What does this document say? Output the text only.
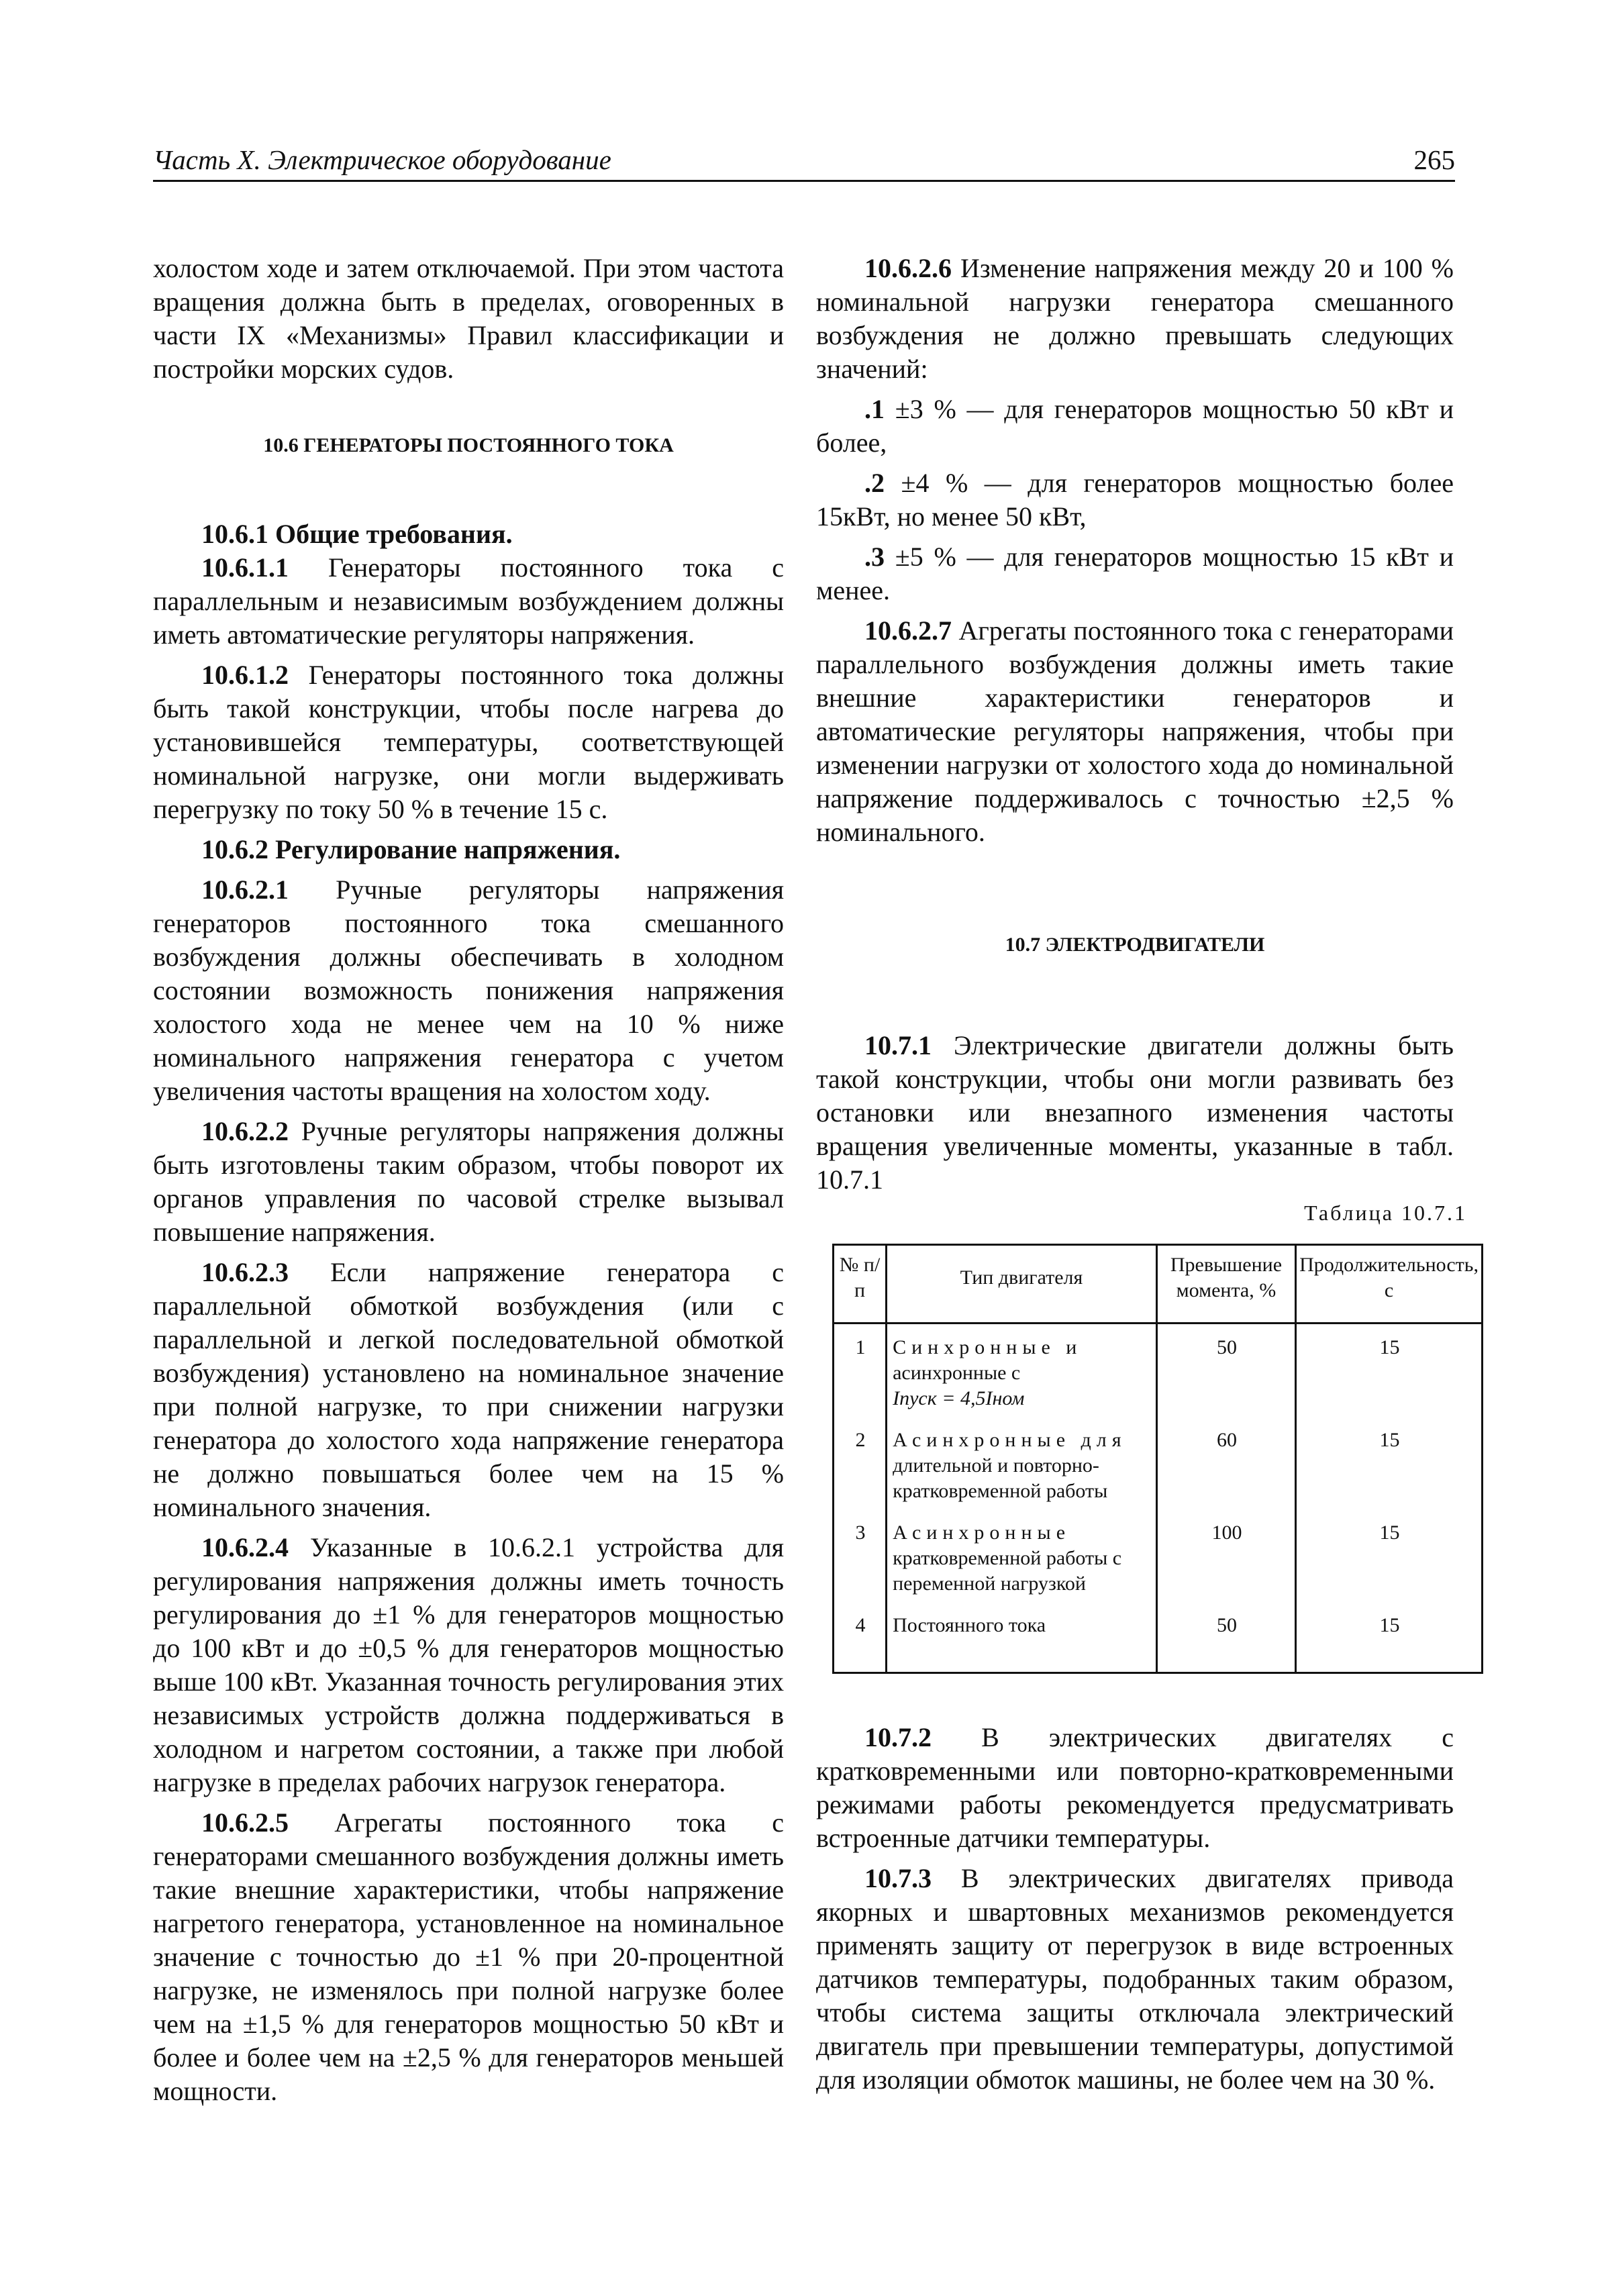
Часть X. Электрическое оборудование	265

холостом ходе и затем отключаемой. При этом частота вращения должна быть в пределах, оговоренных в части IX «Механизмы» Правил классификации и постройки морских судов.

10.6 ГЕНЕРАТОРЫ ПОСТОЯННОГО ТОКА

10.6.1 Общие требования.

10.6.1.1 Генераторы постоянного тока с параллельным и независимым возбуждением должны иметь автоматические регуляторы напряжения.

10.6.1.2 Генераторы постоянного тока должны быть такой конструкции, чтобы после нагрева до установившейся температуры, соответствующей номинальной нагрузке, они могли выдерживать перегрузку по току 50 % в течение 15 с.

10.6.2 Регулирование напряжения.

10.6.2.1 Ручные регуляторы напряжения генераторов постоянного тока смешанного возбуждения должны обеспечивать в холодном состоянии возможность понижения напряжения холостого хода не менее чем на 10 % ниже номинального напряжения генератора с учетом увеличения частоты вращения на холостом ходу.

10.6.2.2 Ручные регуляторы напряжения должны быть изготовлены таким образом, чтобы поворот их органов управления по часовой стрелке вызывал повышение напряжения.

10.6.2.3 Если напряжение генератора с параллельной обмоткой возбуждения (или с параллельной и легкой последовательной обмоткой возбуждения) установлено на номинальное значение при полной нагрузке, то при снижении нагрузки генератора до холостого хода напряжение генератора не должно повышаться более чем на 15 % номинального значения.

10.6.2.4 Указанные в 10.6.2.1 устройства для регулирования напряжения должны иметь точность регулирования до ±1 % для генераторов мощностью до 100 кВт и до ±0,5 % для генераторов мощностью выше 100 кВт. Указанная точность регулирования этих независимых устройств должна поддерживаться в холодном и нагретом состоянии, а также при любой нагрузке в пределах рабочих нагрузок генератора.

10.6.2.5 Агрегаты постоянного тока с генераторами смешанного возбуждения должны иметь такие внешние характеристики, чтобы напряжение нагретого генератора, установленное на номинальное значение с точностью до ±1 % при 20-процентной нагрузке, не изменялось при полной нагрузке более чем на ±1,5 % для генераторов мощностью 50 кВт и более и более чем на ±2,5 % для генераторов меньшей мощности.

10.6.2.6 Изменение напряжения между 20 и 100 % номинальной нагрузки генератора смешанного возбуждения не должно превышать следующих значений:

.1 ±3 % — для генераторов мощностью 50 кВт и более,

.2 ±4 % — для генераторов мощностью более 15кВт, но менее 50 кВт,

.3 ±5 % — для генераторов мощностью 15 кВт и менее.

10.6.2.7 Агрегаты постоянного тока с генераторами параллельного возбуждения должны иметь такие внешние характеристики генераторов и автоматические регуляторы напряжения, чтобы при изменении нагрузки от холостого хода до номинальной напряжение поддерживалось с точностью ±2,5 % номинального.

10.7 ЭЛЕКТРОДВИГАТЕЛИ

10.7.1 Электрические двигатели должны быть такой конструкции, чтобы они могли развивать без остановки или внезапного изменения частоты вращения увеличенные моменты, указанные в табл. 10.7.1

Таблица 10.7.1

№ п/п	Тип двигателя	Превышение момента, %	Продолжительность, с
1	Синхронные и
асинхронные с
Iпуск = 4,5Iном	50	15
2	Асинхронные для
длительной и повторно-кратковременной работы	60	15
3	Асинхронные
кратковременной работы с переменной нагрузкой	100	15
4	Постоянного тока	50	15

10.7.2 В электрических двигателях с кратковременными или повторно-кратковременными режимами работы рекомендуется предусматривать встроенные датчики температуры.

10.7.3 В электрических двигателях привода якорных и швартовных механизмов рекомендуется применять защиту от перегрузок в виде встроенных датчиков температуры, подобранных таким образом, чтобы система защиты отключала электрический двигатель при превышении температуры, допустимой для изоляции обмоток машины, не более чем на 30 %.
